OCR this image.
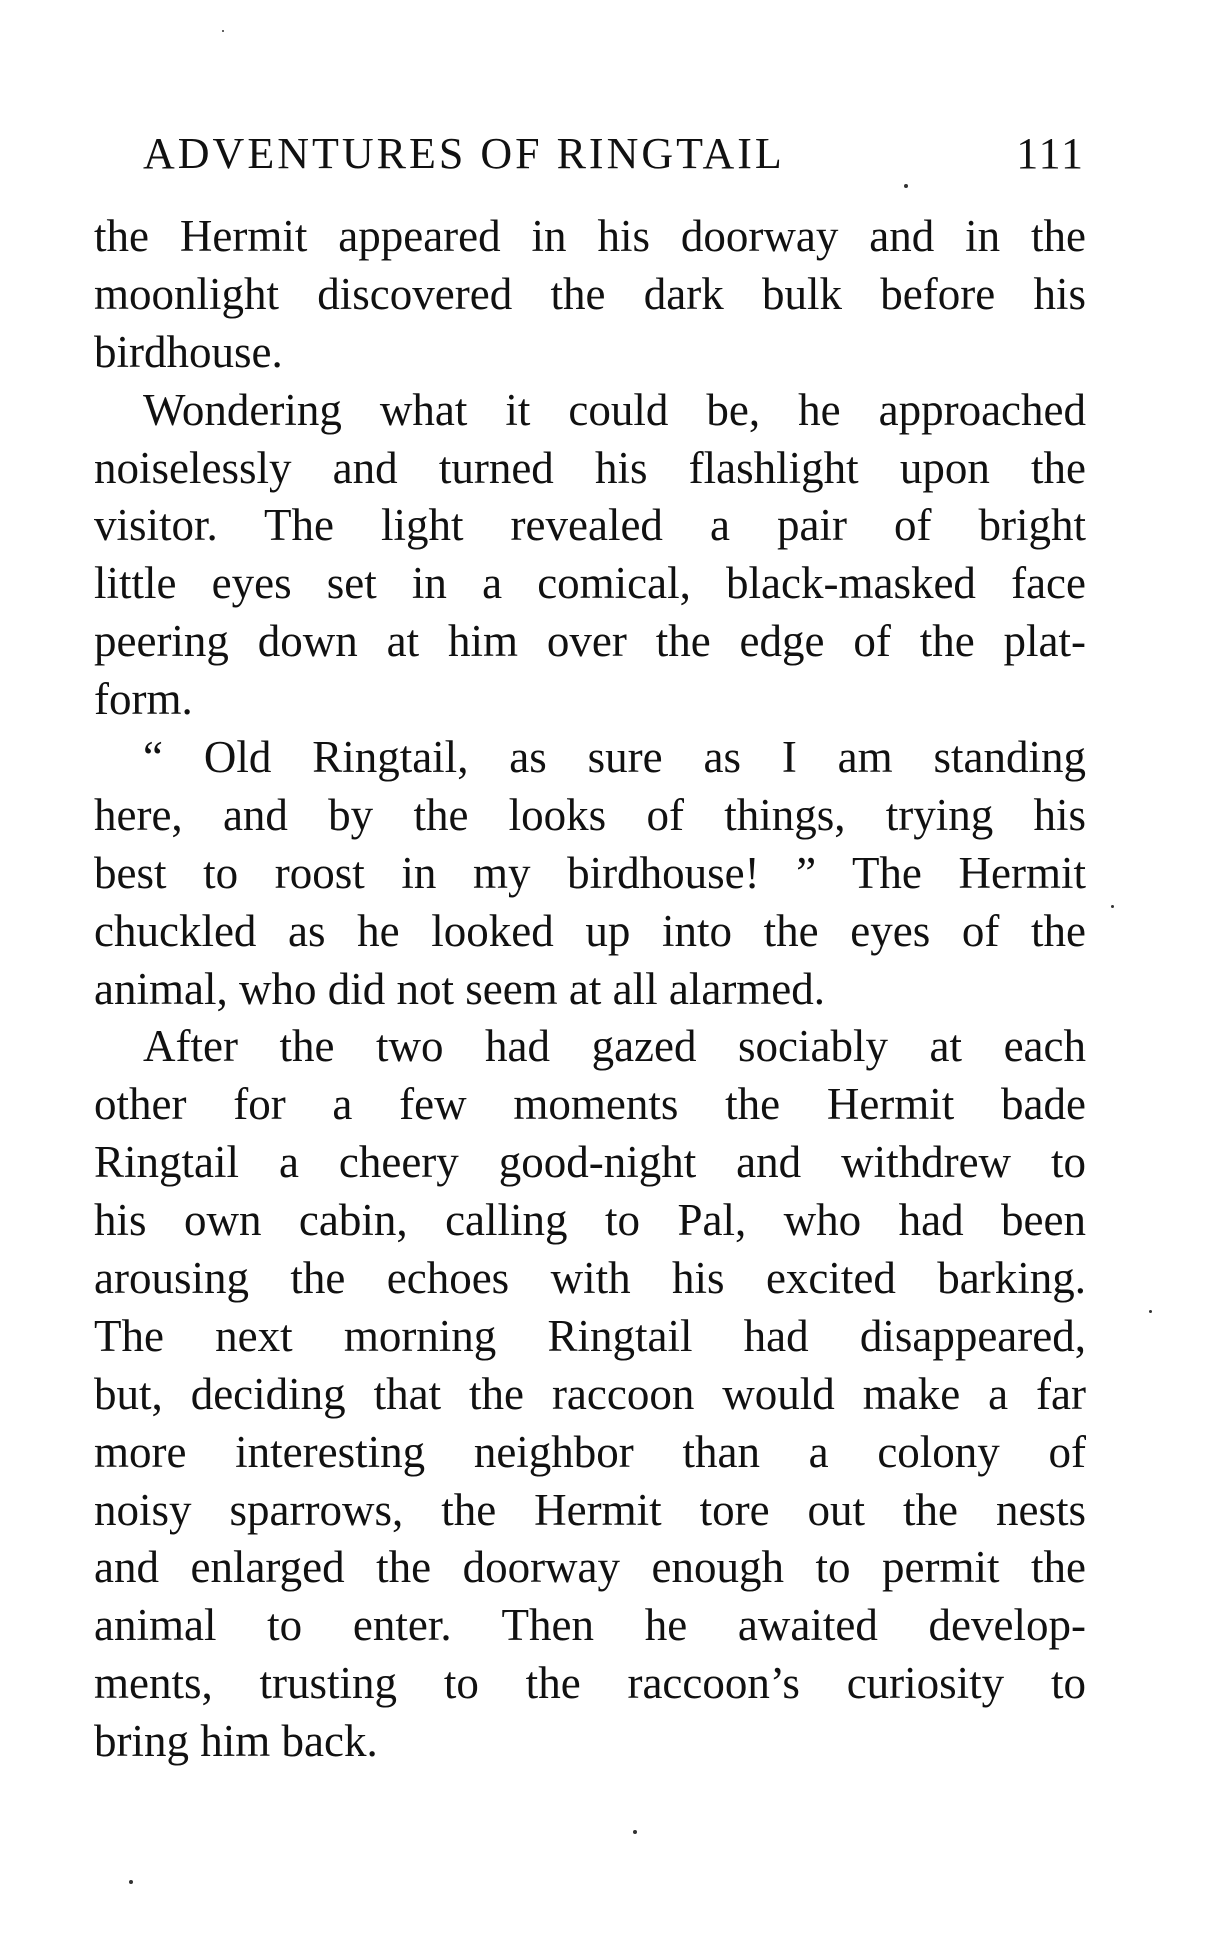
ADVENTURES OF RINGTAIL	111
the Hermit appeared in his doorway and in the
moonlight discovered the dark bulk before his
birdhouse.
Wondering what it could be, he approached
noiselessly and turned his flashlight upon the
visitor. The light revealed a pair of bright
little eyes set in a comical, black-masked face
peering down at him over the edge of the plat-
form.
“ Old Ringtail, as sure as I am standing
here, and by the looks of things, trying his
best to roost in my birdhouse! ” The Hermit
chuckled as he looked up into the eyes of the
animal, who did not seem at all alarmed.
After the two had gazed sociably at each
other for a few moments the Hermit bade
Ringtail a cheery good-night and withdrew to
his own cabin, calling to Pal, who had been
arousing the echoes with his excited barking.
The next morning Ringtail had disappeared,
but, deciding that the raccoon would make a far
more interesting neighbor than a colony of
noisy sparrows, the Hermit tore out the nests
and enlarged the doorway enough to permit the
animal to enter. Then he awaited develop-
ments, trusting to the raccoon’s curiosity to
bring him back.
